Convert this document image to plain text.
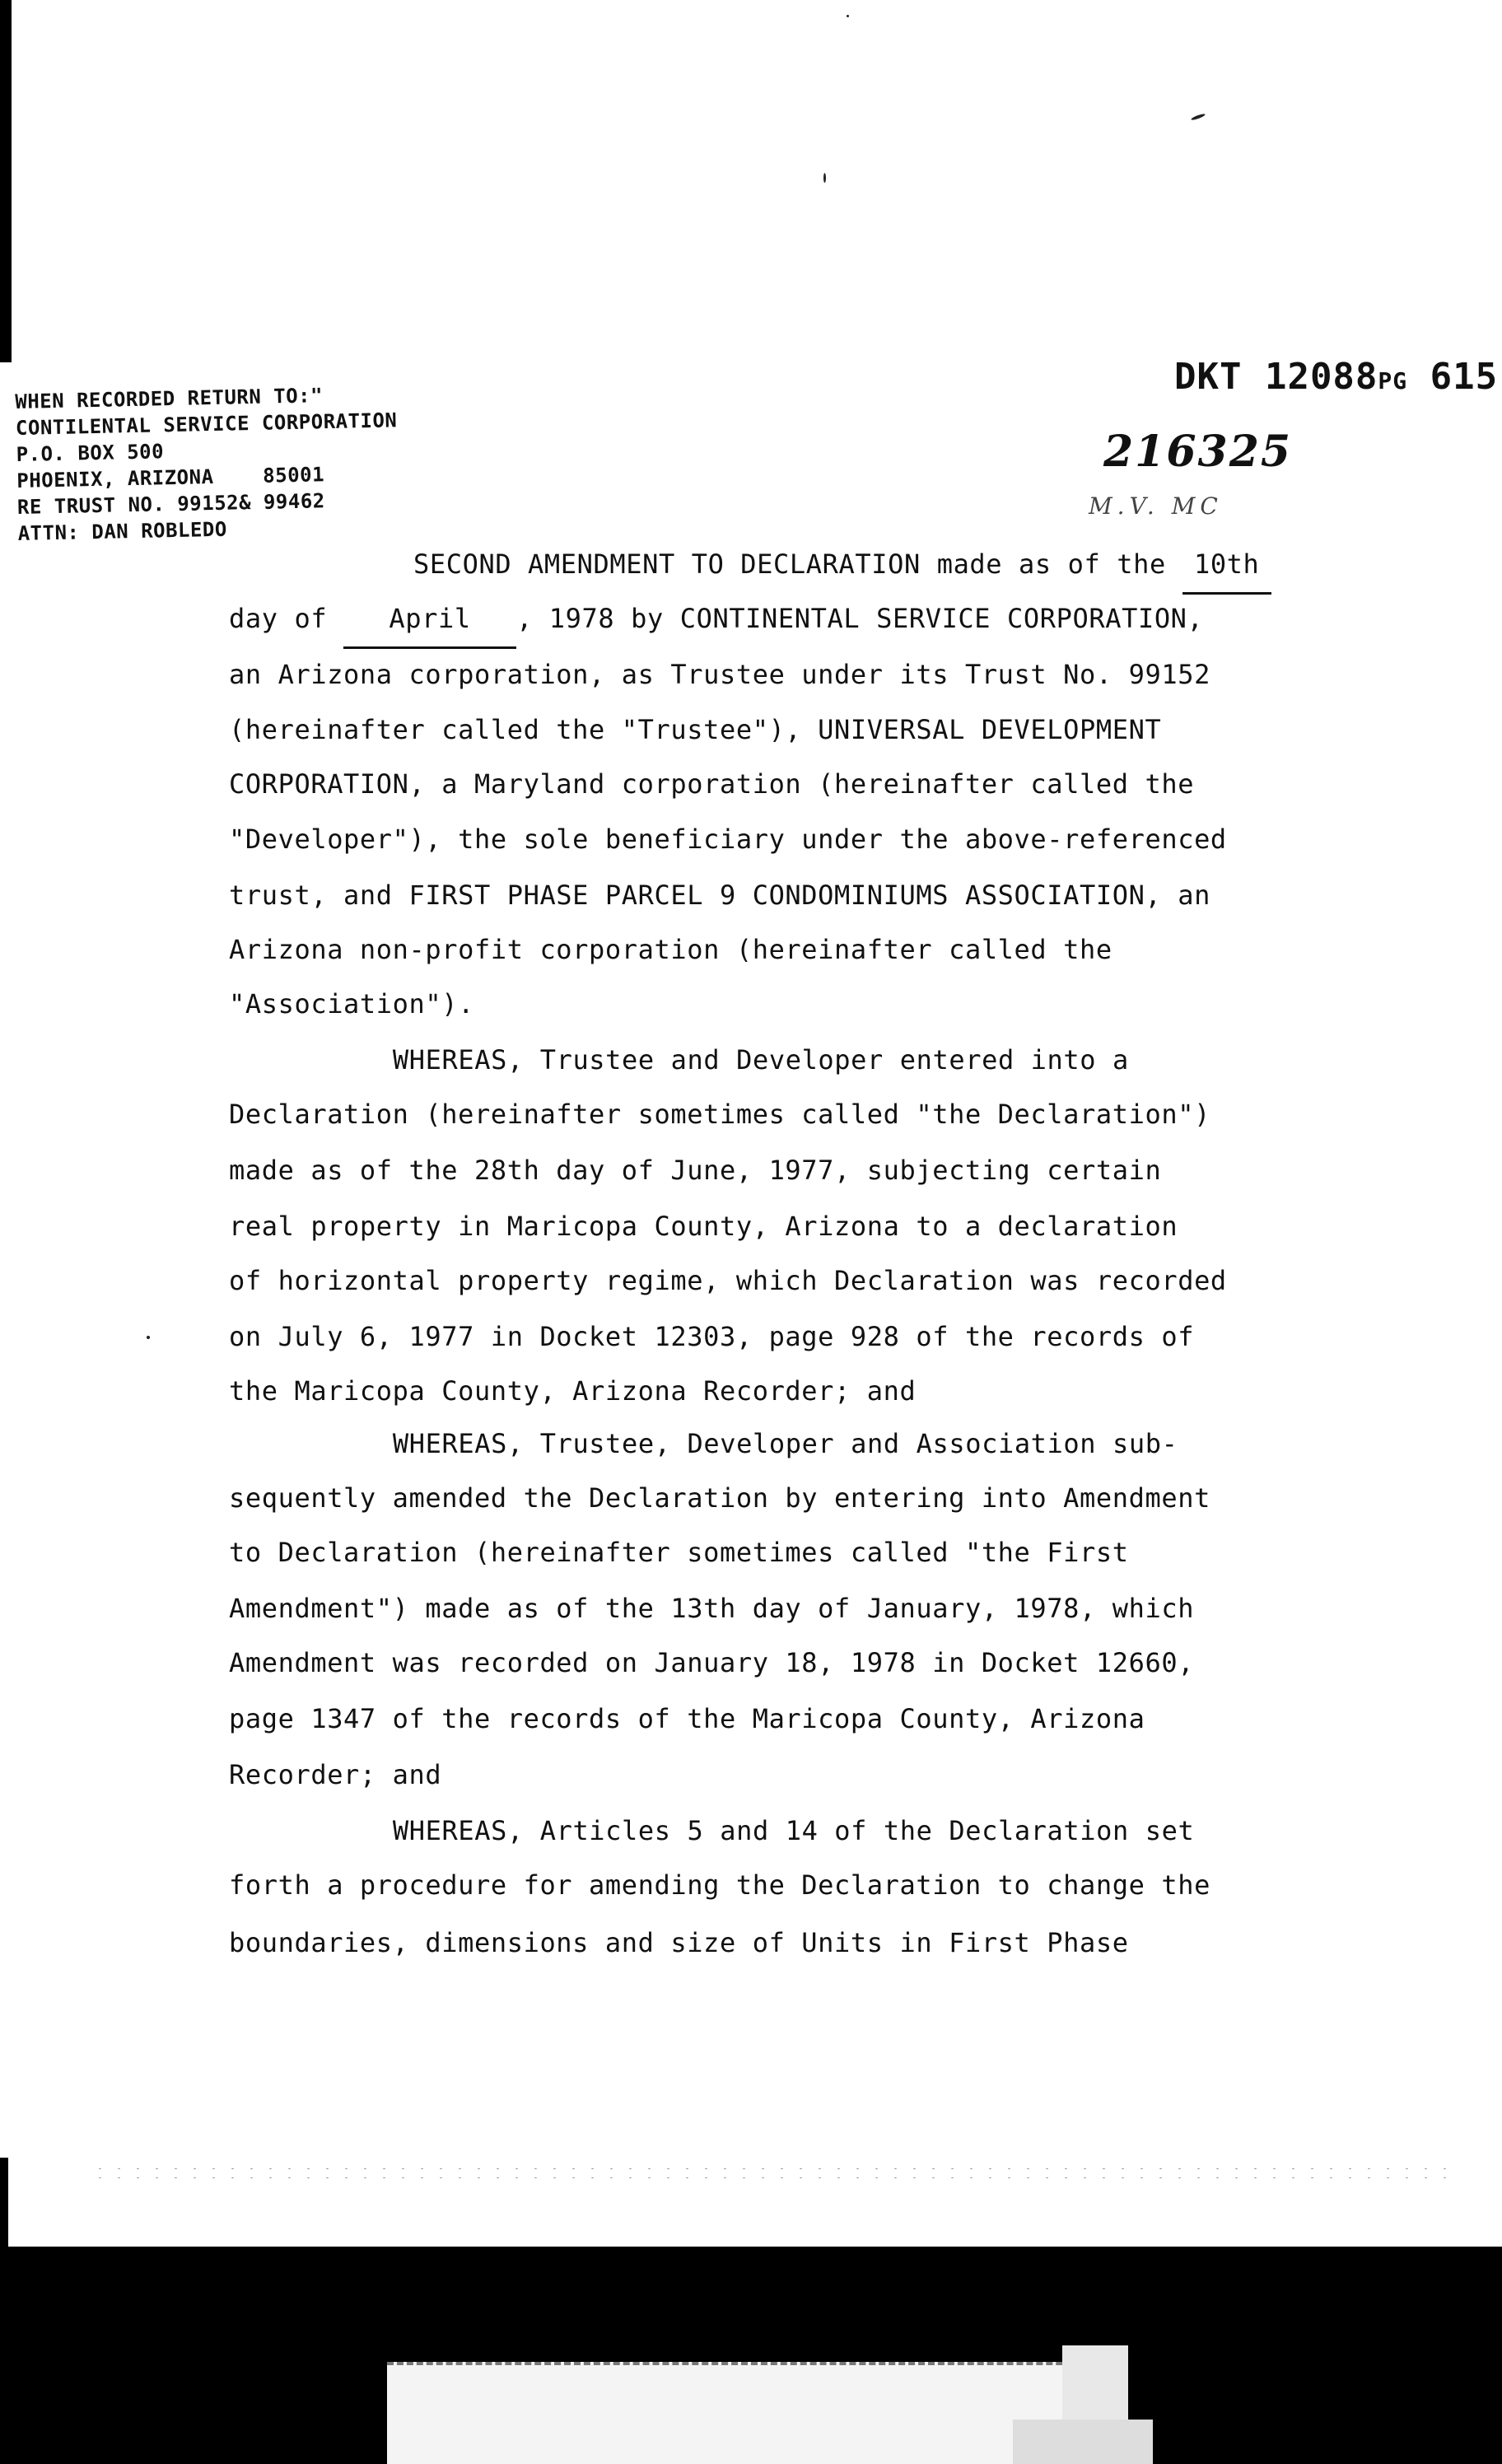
WHEN RECORDED RETURN TO:"
CONTILENTAL SERVICE CORPORATION
P.O. BOX 500
PHOENIX, ARIZONA    85001
RE TRUST NO. 99152& 99462
ATTN: DAN ROBLEDO
DKT 12088PG 615
216325
M.V. MC
SECOND AMENDMENT TO DECLARATION made as of the 10th
day of April , 1978 by CONTINENTAL SERVICE CORPORATION,
an Arizona corporation, as Trustee under its Trust No. 99152
(hereinafter called the "Trustee"), UNIVERSAL DEVELOPMENT
CORPORATION, a Maryland corporation (hereinafter called the
"Developer"), the sole beneficiary under the above-referenced
trust, and FIRST PHASE PARCEL 9 CONDOMINIUMS ASSOCIATION, an
Arizona non-profit corporation (hereinafter called the
"Association").
WHEREAS, Trustee and Developer entered into a
Declaration (hereinafter sometimes called "the Declaration")
made as of the 28th day of June, 1977, subjecting certain
real property in Maricopa County, Arizona to a declaration
of horizontal property regime, which Declaration was recorded
on July 6, 1977 in Docket 12303, page 928 of the records of
the Maricopa County, Arizona Recorder; and
WHEREAS, Trustee, Developer and Association sub-
sequently amended the Declaration by entering into Amendment
to Declaration (hereinafter sometimes called "the First
Amendment") made as of the 13th day of January, 1978, which
Amendment was recorded on January 18, 1978 in Docket 12660,
page 1347 of the records of the Maricopa County, Arizona
Recorder; and
WHEREAS, Articles 5 and 14 of the Declaration set
forth a procedure for amending the Declaration to change the
boundaries, dimensions and size of Units in First Phase
